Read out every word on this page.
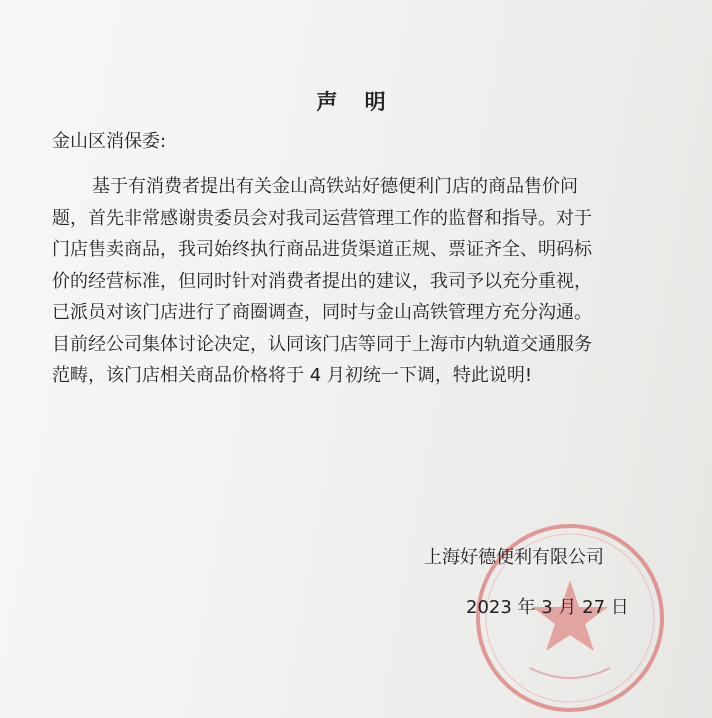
声 明
金山区消保委:
基于有消费者提出有关金山高铁站好德便利门店的商品售价问
题，首先非常感谢贵委员会对我司运营管理工作的监督和指导。对于
门店售卖商品，我司始终执行商品进货渠道正规、票证齐全、明码标
价的经营标准，但同时针对消费者提出的建议，我司予以充分重视，
已派员对该门店进行了商圈调查，同时与金山高铁管理方充分沟通。
目前经公司集体讨论决定，认同该门店等同于上海市内轨道交通服务
范畴，该门店相关商品价格将于 4 月初统一下调，特此说明!
上海好德便利有限公司
2023 年 3 月 27 日
